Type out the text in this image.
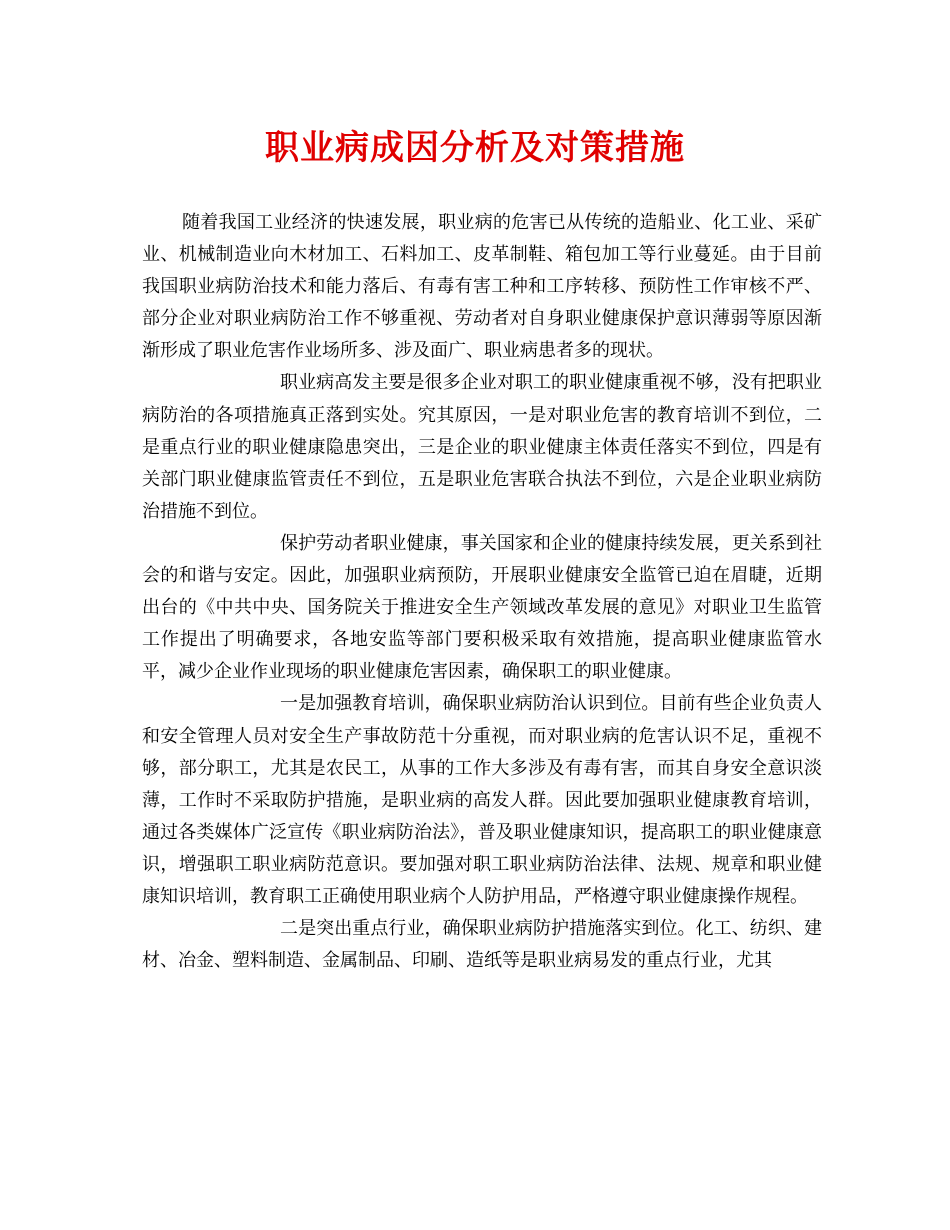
职业病成因分析及对策措施

随着我国工业经济的快速发展，职业病的危害已从传统的造船业、化工业、采矿业、机械制造业向木材加工、石料加工、皮革制鞋、箱包加工等行业蔓延。由于目前我国职业病防治技术和能力落后、有毒有害工种和工序转移、预防性工作审核不严、部分企业对职业病防治工作不够重视、劳动者对自身职业健康保护意识薄弱等原因渐渐形成了职业危害作业场所多、涉及面广、职业病患者多的现状。

职业病高发主要是很多企业对职工的职业健康重视不够，没有把职业病防治的各项措施真正落到实处。究其原因，一是对职业危害的教育培训不到位，二是重点行业的职业健康隐患突出，三是企业的职业健康主体责任落实不到位，四是有关部门职业健康监管责任不到位，五是职业危害联合执法不到位，六是企业职业病防治措施不到位。

保护劳动者职业健康，事关国家和企业的健康持续发展，更关系到社会的和谐与安定。因此，加强职业病预防，开展职业健康安全监管已迫在眉睫，近期出台的《中共中央、国务院关于推进安全生产领域改革发展的意见》对职业卫生监管工作提出了明确要求，各地安监等部门要积极采取有效措施，提高职业健康监管水平，减少企业作业现场的职业健康危害因素，确保职工的职业健康。

一是加强教育培训，确保职业病防治认识到位。目前有些企业负责人和安全管理人员对安全生产事故防范十分重视，而对职业病的危害认识不足，重视不够，部分职工，尤其是农民工，从事的工作大多涉及有毒有害，而其自身安全意识淡薄，工作时不采取防护措施，是职业病的高发人群。因此要加强职业健康教育培训，通过各类媒体广泛宣传《职业病防治法》，普及职业健康知识，提高职工的职业健康意识，增强职工职业病防范意识。要加强对职工职业病防治法律、法规、规章和职业健康知识培训，教育职工正确使用职业病个人防护用品，严格遵守职业健康操作规程。

二是突出重点行业，确保职业病防护措施落实到位。化工、纺织、建材、冶金、塑料制造、金属制品、印刷、造纸等是职业病易发的重点行业，尤其
